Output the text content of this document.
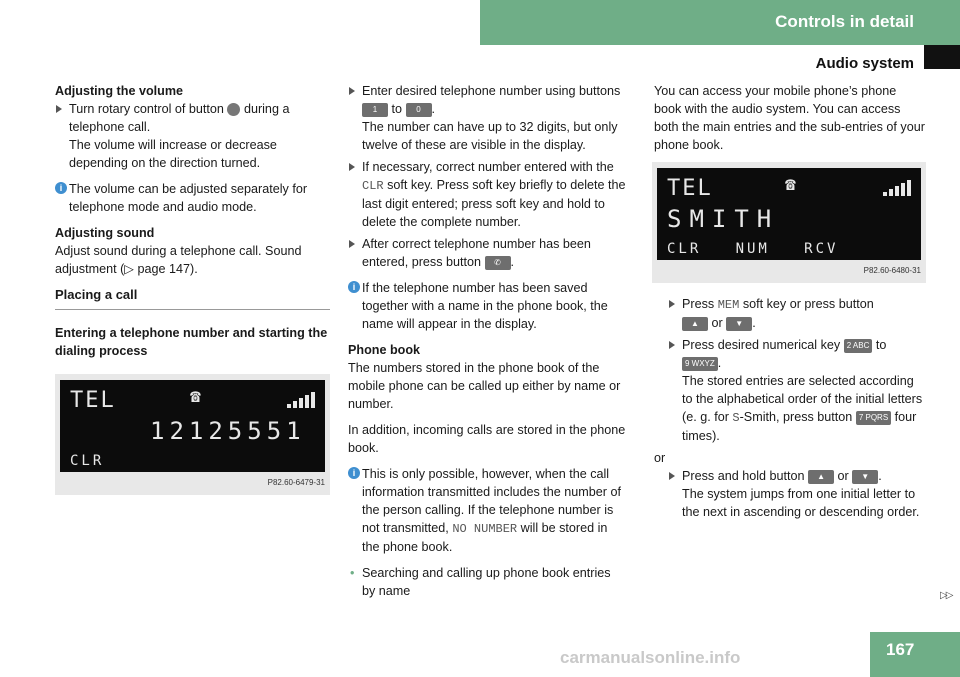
Controls in detail
Audio system

Adjusting the volume

Turn rotary control of button during a telephone call.
The volume will increase or decrease depending on the direction turned.
i The volume can be adjusted separately for telephone mode and audio mode.

Adjusting sound

Adjust sound during a telephone call. Sound adjustment (▷ page 147).

Placing a call

Entering a telephone number and starting the dialing process

TEL	☎
12125551
CLR
P82.60-6479-31
Enter desired telephone number using buttons 1 to 0 .
The number can have up to 32 digits, but only twelve of these are visible in the display.
If necessary, correct number entered with the CLR soft key. Press soft key briefly to delete the last digit entered; press soft key and hold to delete the complete number.
After correct telephone number has been entered, press button ✆ .
i If the telephone number has been saved together with a name in the phone book, the name will appear in the display.

Phone book

The numbers stored in the phone book of the mobile phone can be called up either by name or number.

In addition, incoming calls are stored in the phone book.

i This is only possible, however, when the call information transmitted includes the number of the person calling. If the telephone number is not transmitted, NO NUMBER will be stored in the phone book.
• Searching and calling up phone book entries by name

You can access your mobile phone’s phone book with the audio system. You can access both the main entries and the sub-entries of your phone book.

TEL	☎
SMITH
CLR   NUM   RCV
P82.60-6480-31
Press MEM soft key or press button
▲ or ▼ .
Press desired numerical key 2 ABC to
9 WXYZ .
The stored entries are selected according to the alphabetical order of the initial letters (e. g. for S-Smith, press button 7 PQRS four times).

or

Press and hold button ▲ or ▼ .
The system jumps from one initial letter to the next in ascending or descending order.
▷▷
167
carmanualsonline.info
